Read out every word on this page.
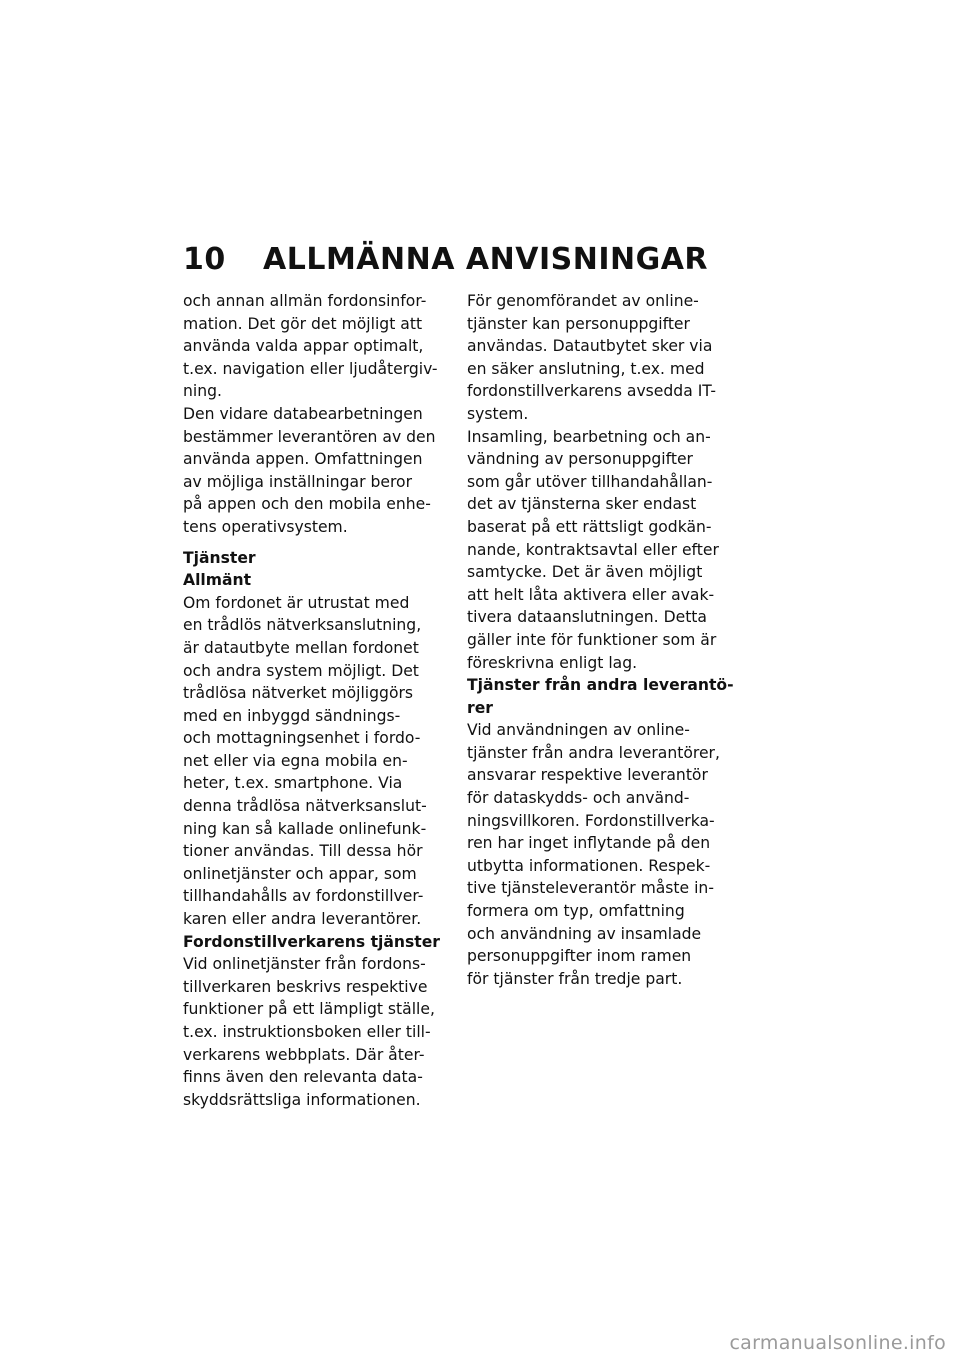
10 ALLMÄNNA ANVISNINGAR
och annan allmän fordonsinfor-
mation. Det gör det möjligt att
använda valda appar optimalt,
t.ex. navigation eller ljudåtergiv-
ning.
Den vidare databearbetningen
bestämmer leverantören av den
använda appen. Omfattningen
av möjliga inställningar beror
på appen och den mobila enhe-
tens operativsystem.
Tjänster
Allmänt
Om fordonet är utrustat med
en trådlös nätverksanslutning,
är datautbyte mellan fordonet
och andra system möjligt. Det
trådlösa nätverket möjliggörs
med en inbyggd sändnings-
och mottagningsenhet i fordo-
net eller via egna mobila en-
heter, t.ex. smartphone. Via
denna trådlösa nätverksanslut-
ning kan så kallade onlinefunk-
tioner användas. Till dessa hör
onlinetjänster och appar, som
tillhandahålls av fordonstillver-
karen eller andra leverantörer.
Fordonstillverkarens tjänster
Vid onlinetjänster från fordons-
tillverkaren beskrivs respektive
funktioner på ett lämpligt ställe,
t.ex. instruktionsboken eller till-
verkarens webbplats. Där åter-
finns även den relevanta data-
skyddsrättsliga informationen.
För genomförandet av online-
tjänster kan personuppgifter
användas. Datautbytet sker via
en säker anslutning, t.ex. med
fordonstillverkarens avsedda IT-
system.
Insamling, bearbetning och an-
vändning av personuppgifter
som går utöver tillhandahållan-
det av tjänsterna sker endast
baserat på ett rättsligt godkän-
nande, kontraktsavtal eller efter
samtycke. Det är även möjligt
att helt låta aktivera eller avak-
tivera dataanslutningen. Detta
gäller inte för funktioner som är
föreskrivna enligt lag.
Tjänster från andra leverantö-
rer
Vid användningen av online-
tjänster från andra leverantörer,
ansvarar respektive leverantör
för dataskydds- och använd-
ningsvillkoren. Fordonstillverka-
ren har inget inflytande på den
utbytta informationen. Respek-
tive tjänsteleverantör måste in-
formera om typ, omfattning
och användning av insamlade
personuppgifter inom ramen
för tjänster från tredje part.
carmanualsonline.info
